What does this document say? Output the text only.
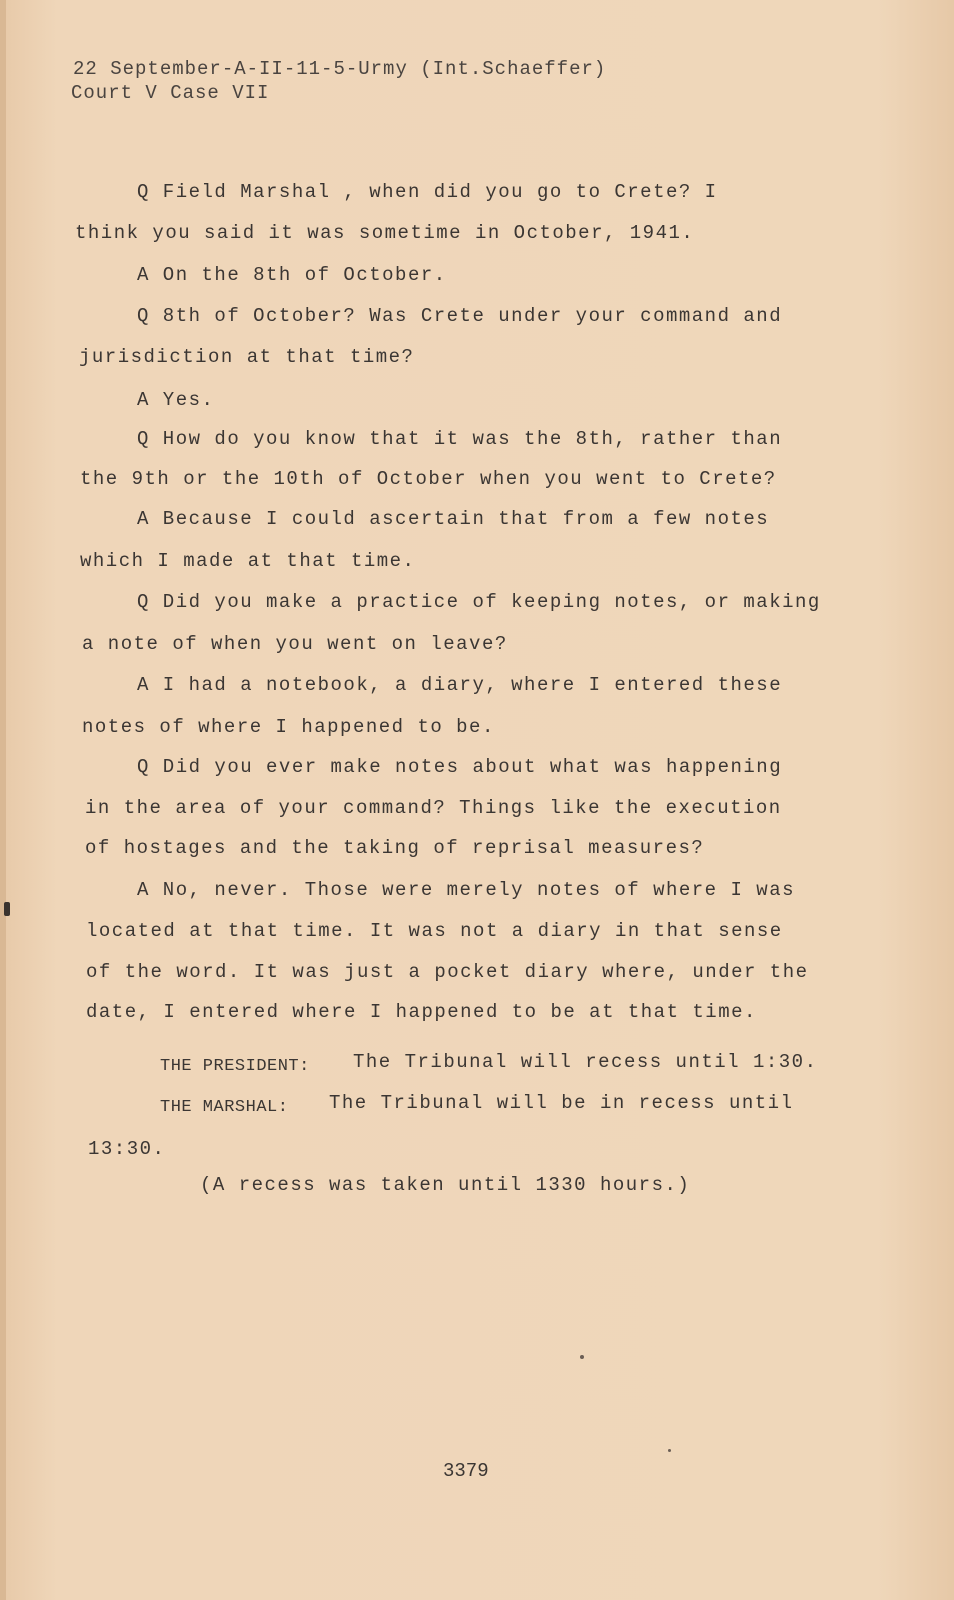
22 September-A-II-11-5-Urmy (Int.Schaeffer)
Court V Case VII
Q Field Marshal , when did you go to Crete? I
think you said it was sometime in October, 1941.
A On the 8th of October.
Q 8th of October? Was Crete under your command and
jurisdiction at that time?
A Yes.
Q How do you know that it was the 8th, rather than
the 9th or the 10th of October when you went to Crete?
A Because I could ascertain that from a few notes
which I made at that time.
Q Did you make a practice of keeping notes, or making
a note of when you went on leave?
A I had a notebook, a diary, where I entered these
notes of where I happened to be.
Q Did you ever make notes about what was happening
in the area of your command? Things like the execution
of hostages and the taking of reprisal measures?
A No, never. Those were merely notes of where I was
located at that time. It was not a diary in that sense
of the word. It was just a pocket diary where, under the
date, I entered where I happened to be at that time.
THE PRESIDENT: The Tribunal will recess until 1:30.
THE MARSHAL: The Tribunal will be in recess until
13:30.
(A recess was taken until 1330 hours.)
3379
